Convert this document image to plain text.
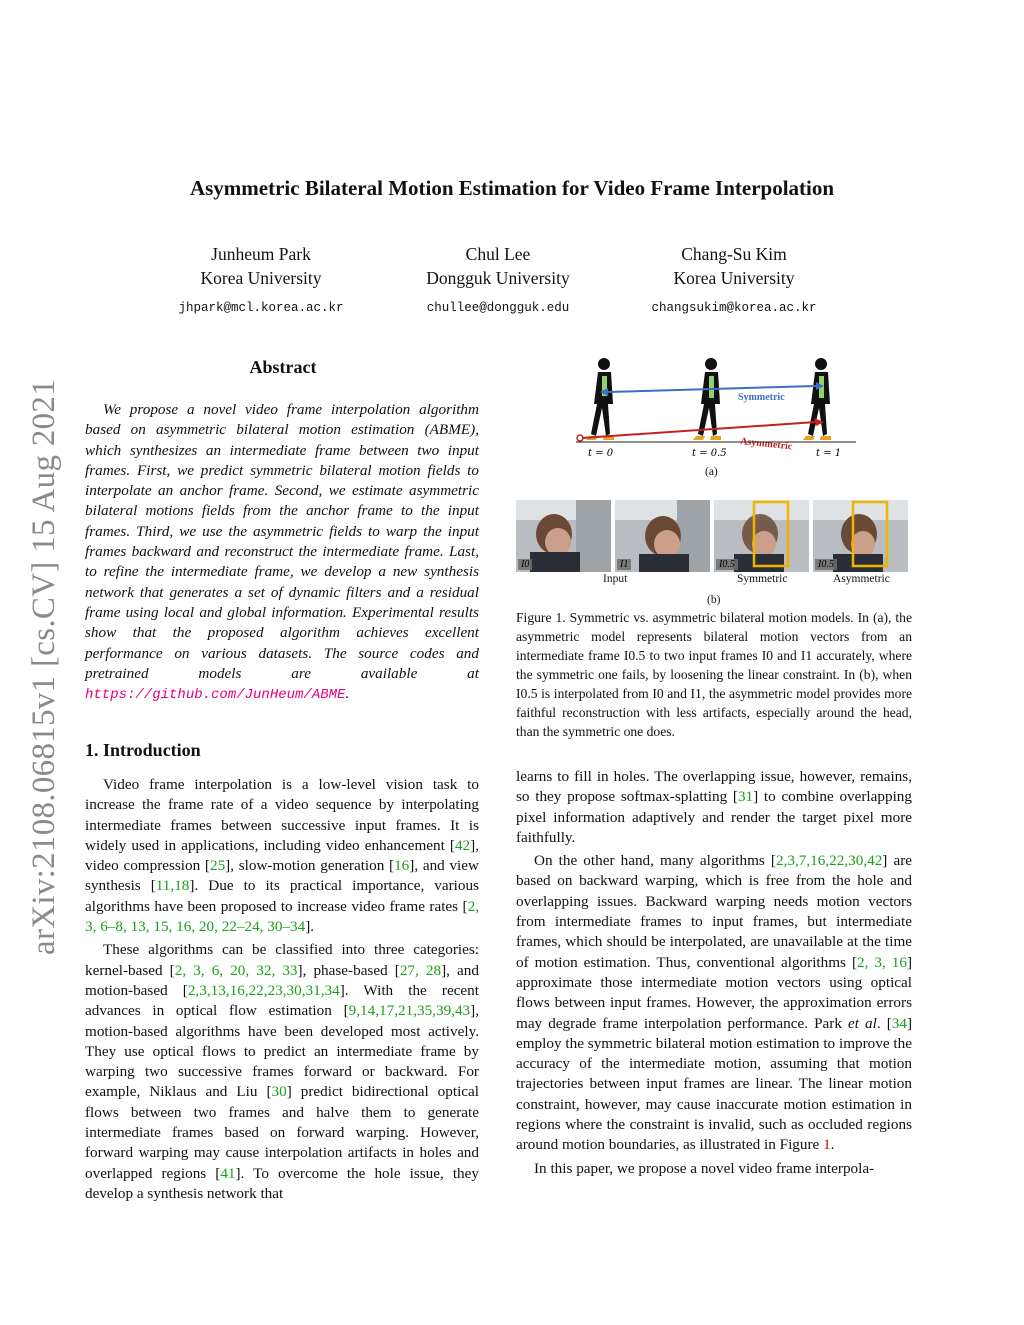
Asymmetric Bilateral Motion Estimation for Video Frame Interpolation
Junheum Park
Korea University
jhpark@mcl.korea.ac.kr
Chul Lee
Dongguk University
chullee@dongguk.edu
Chang-Su Kim
Korea University
changsukim@korea.ac.kr
arXiv:2108.06815v1 [cs.CV] 15 Aug 2021
Abstract

We propose a novel video frame interpolation algorithm based on asymmetric bilateral motion estimation (ABME), which synthesizes an intermediate frame between two input frames. First, we predict symmetric bilateral motion fields to interpolate an anchor frame. Second, we estimate asymmetric bilateral motions fields from the anchor frame to the input frames. Third, we use the asymmetric fields to warp the input frames backward and reconstruct the intermediate frame. Last, to refine the intermediate frame, we develop a new synthesis network that generates a set of dynamic filters and a residual frame using local and global information. Experimental results show that the proposed algorithm achieves excellent performance on various datasets. The source codes and pretrained models are available at https://github.com/JunHeum/ABME.

1. Introduction

Video frame interpolation is a low-level vision task to increase the frame rate of a video sequence by interpolating intermediate frames between successive input frames. It is widely used in applications, including video enhancement [42], video compression [25], slow-motion generation [16], and view synthesis [11,18]. Due to its practical importance, various algorithms have been proposed to increase video frame rates [2, 3, 6–8, 13, 15, 16, 20, 22–24, 30–34].

These algorithms can be classified into three categories: kernel-based [2, 3, 6, 20, 32, 33], phase-based [27, 28], and motion-based [2,3,13,16,22,23,30,31,34]. With the recent advances in optical flow estimation [9,14,17,21,35,39,43], motion-based algorithms have been developed most actively. They use optical flows to predict an intermediate frame by warping two successive frames forward or backward. For example, Niklaus and Liu [30] predict bidirectional optical flows between two frames and halve them to generate intermediate frames based on forward warping. However, forward warping may cause interpolation artifacts in holes and overlapped regions [41]. To overcome the hole issue, they develop a synthesis network that

Symmetric
Asymmetric
t = 0	t = 0.5	t = 1
(a)
I0	I1	I0.5	I0.5
Input	Symmetric	Asymmetric
(b)
Figure 1. Symmetric vs. asymmetric bilateral motion models. In (a), the asymmetric model represents bilateral motion vectors from an intermediate frame I0.5 to two input frames I0 and I1 accurately, where the symmetric one fails, by loosening the linear constraint. In (b), when I0.5 is interpolated from I0 and I1, the asymmetric model provides more faithful reconstruction with less artifacts, especially around the head, than the symmetric one does.

learns to fill in holes. The overlapping issue, however, remains, so they propose softmax-splatting [31] to combine overlapping pixel information adaptively and render the target pixel more faithfully.

On the other hand, many algorithms [2,3,7,16,22,30,42] are based on backward warping, which is free from the hole and overlapping issues. Backward warping needs motion vectors from intermediate frames to input frames, but intermediate frames, which should be interpolated, are unavailable at the time of motion estimation. Thus, conventional algorithms [2, 3, 16] approximate those intermediate motion vectors using optical flows between input frames. However, the approximation errors may degrade frame interpolation performance. Park et al. [34] employ the symmetric bilateral motion estimation to improve the accuracy of the intermediate motion, assuming that motion trajectories between input frames are linear. The linear motion constraint, however, may cause inaccurate motion estimation in regions where the constraint is invalid, such as occluded regions around motion boundaries, as illustrated in Figure 1.

In this paper, we propose a novel video frame interpola-
